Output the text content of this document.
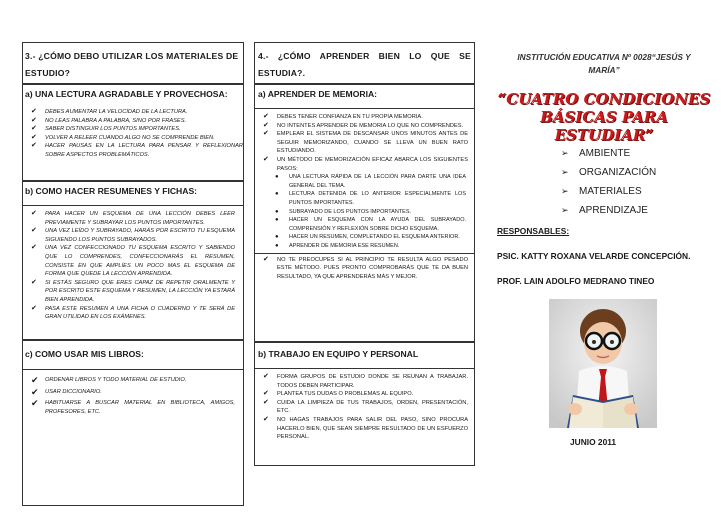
3.- ¿CÓMO DEBO UTILIZAR LOS MATERIALES DE ESTUDIO?
a) UNA LECTURA AGRADABLE Y PROVECHOSA:
✔ DEBES AUMENTAR LA VELOCIDAD DE LA LECTURA.
✔ NO LEAS PALABRA A PALABRA, SINO POR FRASES.
✔ SABER DISTINGUIR LOS PUNTOS IMPORTANTES.
✔ VOLVER A RELEER CUANDO ALGO NO SE COMPRENDE BIEN.
✔ HACER PAUSAS EN LA LECTURA PARA PENSAR Y REFLEXIONAR SOBRE ASPECTOS PROBLEMÁTICOS.
b) COMO HACER RESUMENES Y FICHAS:
✔ PARA HACER UN ESQUEMA DE UNA LECCIÓN DEBES LEER PREVIAMENTE Y SUBRAYAR LOS PUNTOS IMPORTANTES.
✔ UNA VEZ LEÍDO Y SUBRAYADO, HARÁS POR ESCRITO TU ESQUEMA SIGUIENDO LOS PUNTOS SUBRAYADOS.
✔ UNA VEZ CONFECCIONADO TU ESQUEMA ESCRITO Y SABIENDO QUE LO COMPRENDES, CONFECCIONARÁS EL RESUMEN, CONSISTE EN QUE AMPLÍES UN POCO MAS EL ESQUEMA DE FORMA QUE QUEDE LA LECCIÓN APRENDIDA.
✔ SI ESTÁS SEGURO QUE ERES CAPAZ DE REPETIR ORALMENTE Y POR ESCRITO ESTE ESQUEMA Y RESUMEN, LA LECCIÓN YA ESTARÁ BIEN APRENDIDA.
✔ PASA ESTE RESUMEN A UNA FICHA O CUADERNO Y TE SERÁ DE GRAN UTILIDAD EN LOS EXÁMENES.
c) COMO USAR MIS LIBROS:
✔ ORDENAR LIBROS Y TODO MATERIAL DE ESTUDIO.
✔ USAR DICCIONARIO.
✔ HABITUARSE A BUSCAR MATERIAL EN BIBLIOTECA, AMIGOS, PROFESORES, ETC.
4.- ¿CÓMO APRENDER BIEN LO QUE SE ESTUDIA?.
a) APRENDER DE MEMORIA:
✔ DEBES TENER CONFIANZA EN TU PROPIA MEMORIA.
✔ NO INTENTES APRENDER DE MEMORIA LO QUE NO COMPRENDES.
✔ EMPLEAR EL SISTEMA DE DESCANSAR UNOS MINUTOS ANTES DE SEGUIR MEMORIZANDO, CUANDO SE LLEVA UN BUEN RATO ESTUDIANDO.
✔ UN MÉTODO DE MEMORIZACIÓN EFICAZ ABARCA LOS SIGUIENTES PASOS:
● UNA LECTURA RÁPIDA DE LA LECCIÓN PARA DARTE UNA IDEA GENERAL DEL TEMA.
● LECTURA DETENIDA DE LO ANTERIOR ESPECIALMENTE LOS PUNTOS IMPORTANTES.
● SUBRAYADO DE LOS PUNTOS IMPORTANTES.
● HACER UN ESQUEMA CON LA AYUDA DEL SUBRAYADO. COMPRENSIÓN Y REFLEXIÓN SOBRE DICHO ESQUEMA.
● HACER UN RESUMEN, COMPLETANDO EL ESQUEMA ANTERIOR.
● APRENDER DE MEMORIA ESE RESUMEN.
✔ NO TE PREOCUPES SI AL PRINCIPIO TE RESULTA ALGO PESADO ESTE MÉTODO. PUES PRONTO COMPROBARÁS QUE TE DA BUEN RESULTADO, YA QUE APRENDERÁS MÁS Y MEJOR.
b) TRABAJO EN EQUIPO Y PERSONAL
✔ FORMA GRUPOS DE ESTUDIO DONDE SE REUNAN A TRABAJAR. TODOS DEBEN PARTICIPAR.
✔ PLANTEA TUS DUDAS O PROBLEMAS AL EQUIPO.
✔ CUIDA LA LIMPIEZA DE TUS TRABAJOS, ORDEN, PRESENTACIÓN, ETC.
✔ NO HAGAS TRABAJOS PARA SALIR DEL PASO, SINO PROCURA HACERLO BIEN, QUE SEAN SIEMPRE RESULTADO DE UN ESFUERZO PERSONAL.
INSTITUCIÓN EDUCATIVA Nº 0028“JESÚS Y MARÍA”
“CUATRO CONDICIONES
BÁSICAS PARA ESTUDIAR”
➢ AMBIENTE
➢ ORGANIZACIÓN
➢ MATERIALES
➢ APRENDIZAJE
RESPONSABLES:
PSIC. KATTY ROXANA VELARDE CONCEPCIÓN.
PROF. LAIN ADOLFO MEDRANO TINEO
JUNIO 2011
